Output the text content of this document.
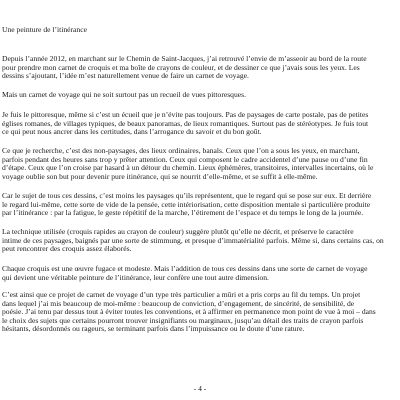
Une peinture de l’itinérance

Depuis l’année 2012, en marchant sur le Chemin de Saint-Jacques, j’ai retrouvé l’envie de m’asseoir au bord de la route
pour prendre mon carnet de croquis et ma boîte de crayons de couleur, et de dessiner ce que j’avais sous les yeux. Les
dessins s’ajoutant, l’idée m’est naturellement venue de faire un carnet de voyage.

Mais un carnet de voyage qui ne soit surtout pas un recueil de vues pittoresques.

Je fuis le pittoresque, même si c’est un écueil que je n’évite pas toujours. Pas de paysages de carte postale, pas de petites
églises romanes, de villages typiques, de beaux panoramas, de lieux romantiques. Surtout pas de stéréotypes. Je fuis tout
ce qui peut nous ancrer dans les certitudes, dans l’arrogance du savoir et du bon goût.

Ce que je recherche, c’est des non-paysages, des lieux ordinaires, banals. Ceux que l’on a sous les yeux, en marchant,
parfois pendant des heures sans trop y prêter attention. Ceux qui composent le cadre accidentel d’une pause ou d’une fin
d’étape. Ceux que l’on croise par hasard à un détour du chemin. Lieux éphémères, transitoires, intervalles incertains, où le
voyage oublie son but pour devenir pure itinérance, qui se nourrit d’elle-même, et se suffit à elle-même.

Car le sujet de tous ces dessins, c’est moins les paysages qu’ils représentent, que le regard qui se pose sur eux. Et derrière
le regard lui-même, cette sorte de vide de la pensée, cette intériorisation, cette disposition mentale si particulière produite
par l’itinérance : par la fatigue, le geste répétitif de la marche, l’étirement de l’espace et du temps le long de la journée.

La technique utilisée (croquis rapides au crayon de couleur) suggère plutôt qu’elle ne décrit, et préserve le caractère
intime de ces paysages, baignés par une sorte de stimmung, et presque d’immatérialité parfois. Même si, dans certains cas, on
peut rencontrer des croquis assez élaborés.

Chaque croquis est une œuvre fugace et modeste. Mais l’addition de tous ces dessins dans une sorte de carnet de voyage
qui devient une véritable peinture de l’itinérance, leur confère une tout autre dimension.

C’est ainsi que ce projet de carnet de voyage d’un type très particulier a mûri et a pris corps au fil du temps. Un projet
dans lequel j’ai mis beaucoup de moi-même : beaucoup de conviction, d’engagement, de sincérité, de sensibilité, de
poésie. J’ai tenu par dessus tout à éviter toutes les conventions, et à affirmer en permanence mon point de vue à moi – dans
le choix des sujets que certains pourront trouver insignifiants ou marginaux, jusqu’au détail des traits de crayon parfois
hésitants, désordonnés ou rageurs, se terminant parfois dans l’impuissance ou le doute d’une rature.

- 4 -
